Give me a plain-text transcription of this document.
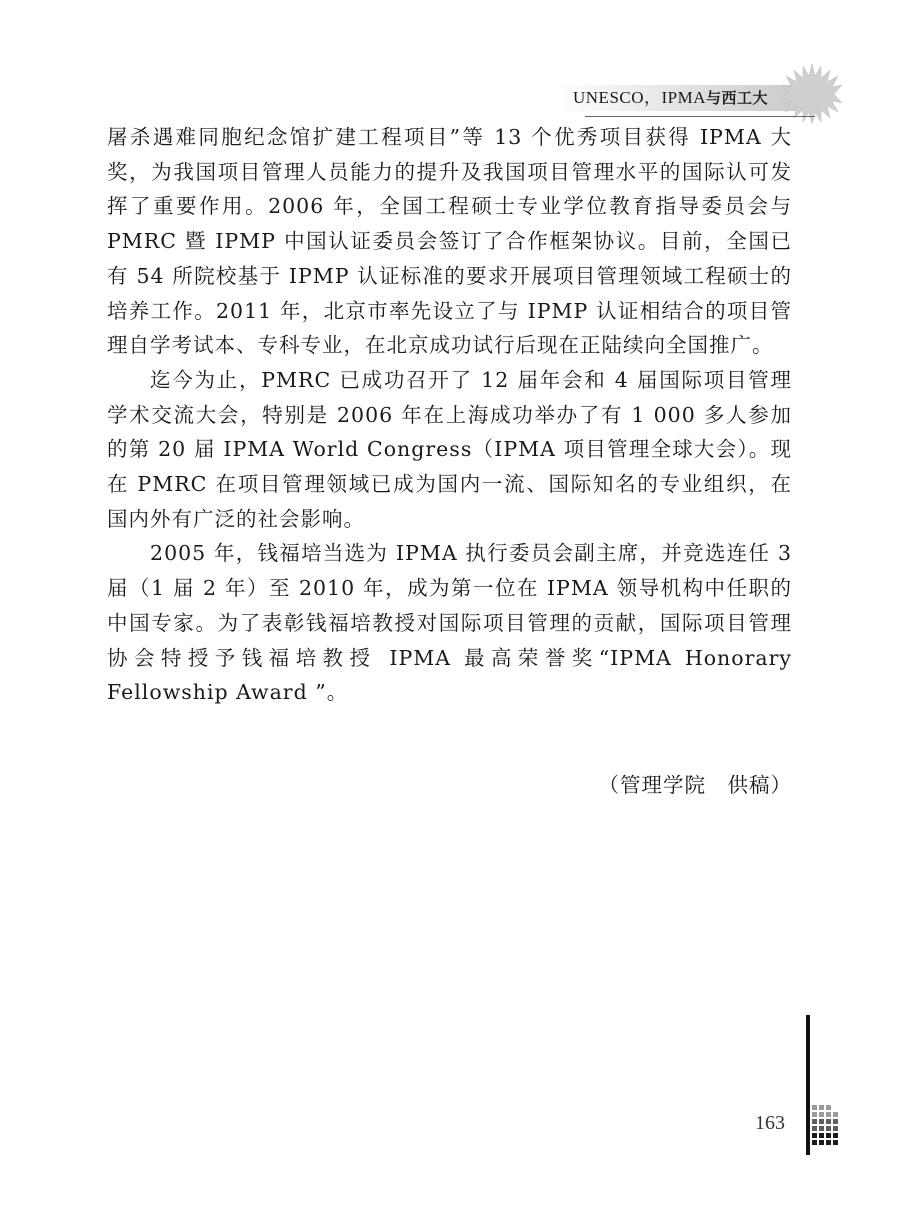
UNESCO，IPMA与西工大

屠杀遇难同胞纪念馆扩建工程项目”等 13 个优秀项目获得 IPMA 大奖，为我国项目管理人员能力的提升及我国项目管理水平的国际认可发挥了重要作用。2006 年，全国工程硕士专业学位教育指导委员会与 PMRC 暨 IPMP 中国认证委员会签订了合作框架协议。目前，全国已有 54 所院校基于 IPMP 认证标准的要求开展项目管理领域工程硕士的培养工作。2011 年，北京市率先设立了与 IPMP 认证相结合的项目管理自学考试本、专科专业，在北京成功试行后现在正陆续向全国推广。

迄今为止，PMRC 已成功召开了 12 届年会和 4 届国际项目管理学术交流大会，特别是 2006 年在上海成功举办了有 1 000 多人参加的第 20 届 IPMA World Congress（IPMA 项目管理全球大会）。现在 PMRC 在项目管理领域已成为国内一流、国际知名的专业组织，在国内外有广泛的社会影响。

2005 年，钱福培当选为 IPMA 执行委员会副主席，并竞选连任 3 届（1 届 2 年）至 2010 年，成为第一位在 IPMA 领导机构中任职的中国专家。为了表彰钱福培教授对国际项目管理的贡献，国际项目管理协会特授予钱福培教授 IPMA 最高荣誉奖“IPMA Honorary Fellowship Award ”。

（管理学院　供稿）
163
